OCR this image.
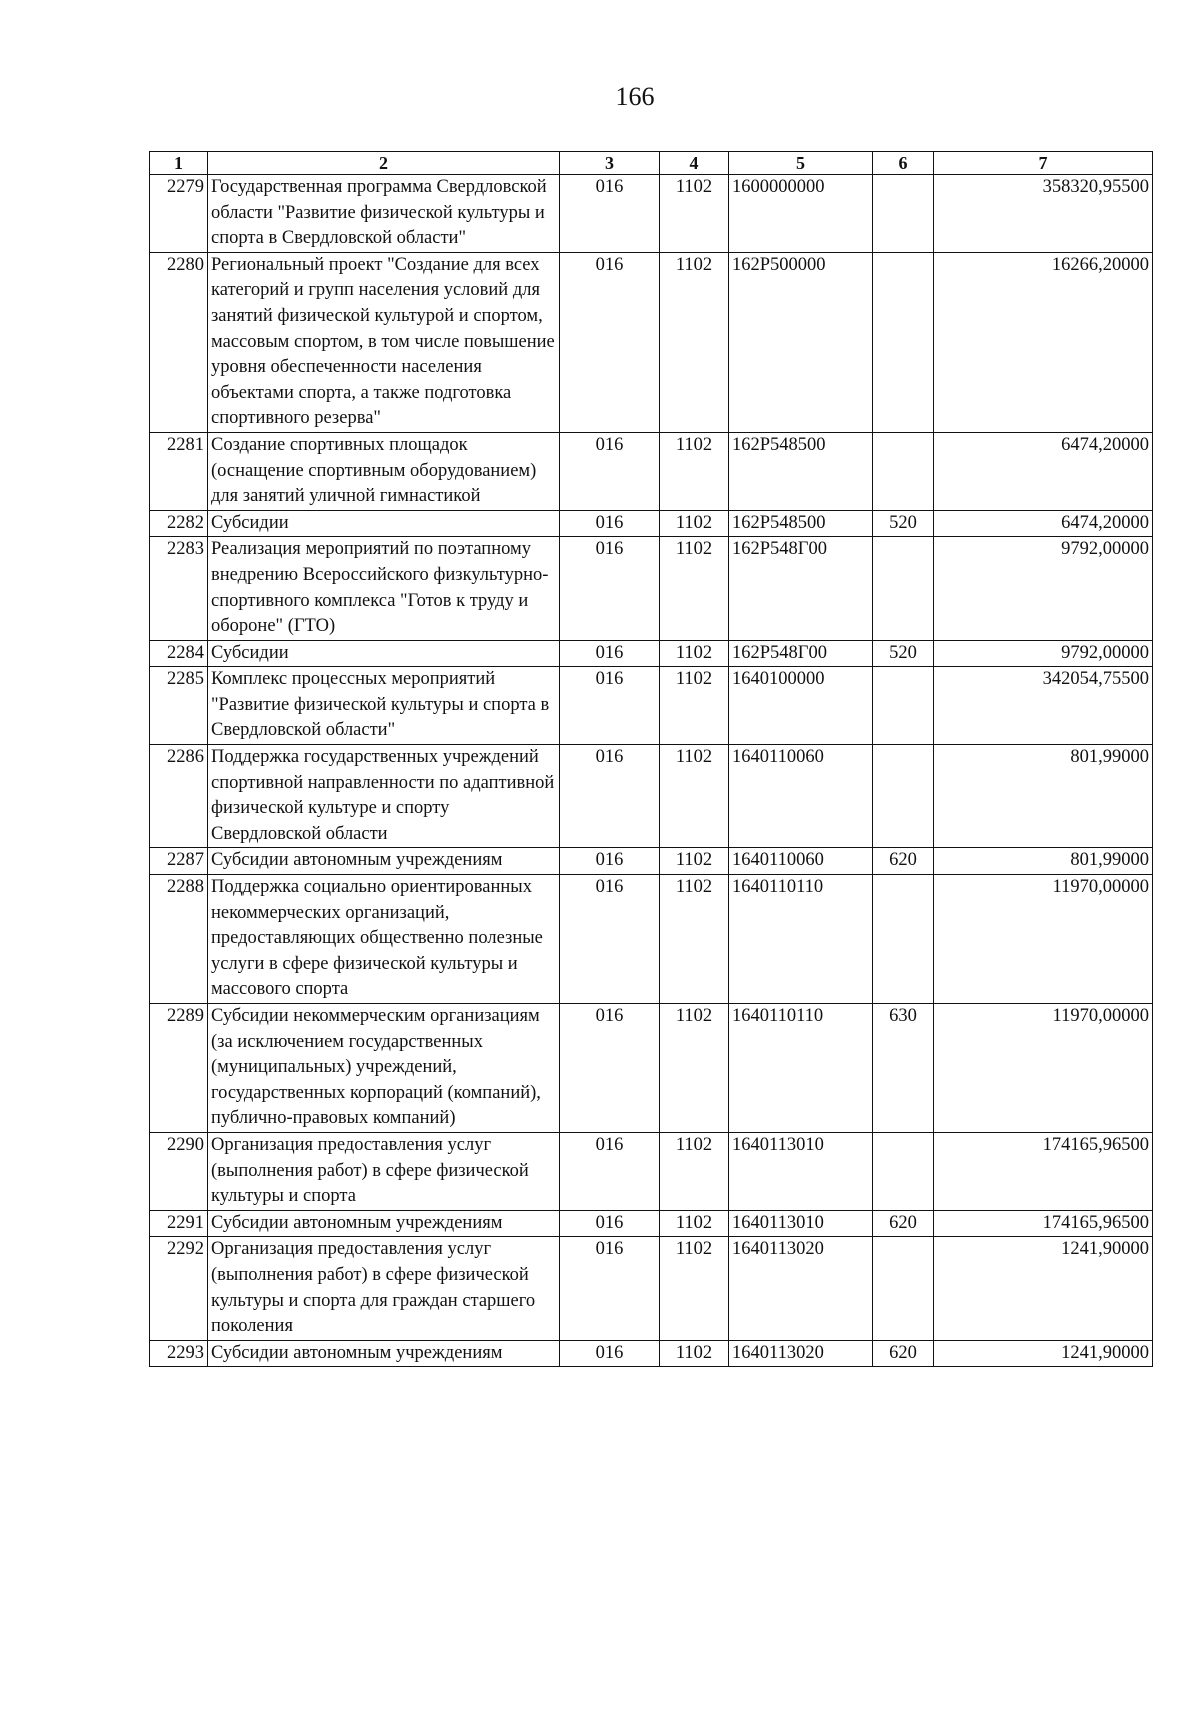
166
1	2	3	4	5	6	7
2279	Государственная программа Свердловской области "Развитие физической культуры и спорта в Свердловской области"	016	1102	1600000000		358320,95500
2280	Региональный проект "Создание для всех категорий и групп населения условий для занятий физической культурой и спортом, массовым спортом, в том числе повышение уровня обеспеченности населения объектами спорта, а также подготовка спортивного резерва"	016	1102	162P500000		16266,20000
2281	Создание спортивных площадок (оснащение спортивным оборудованием) для занятий уличной гимнастикой	016	1102	162P548500		6474,20000
2282	Субсидии	016	1102	162P548500	520	6474,20000
2283	Реализация мероприятий по поэтапному внедрению Всероссийского физкультурно-спортивного комплекса "Готов к труду и обороне" (ГТО)	016	1102	162P548Г00		9792,00000
2284	Субсидии	016	1102	162P548Г00	520	9792,00000
2285	Комплекс процессных мероприятий "Развитие физической культуры и спорта в Свердловской области"	016	1102	1640100000		342054,75500
2286	Поддержка государственных учреждений спортивной направленности по адаптивной физической культуре и спорту Свердловской области	016	1102	1640110060		801,99000
2287	Субсидии автономным учреждениям	016	1102	1640110060	620	801,99000
2288	Поддержка социально ориентированных некоммерческих организаций, предоставляющих общественно полезные услуги в сфере физической культуры и массового спорта	016	1102	1640110110		11970,00000
2289	Субсидии некоммерческим организациям (за исключением государственных (муниципальных) учреждений, государственных корпораций (компаний), публично-правовых компаний)	016	1102	1640110110	630	11970,00000
2290	Организация предоставления услуг (выполнения работ) в сфере физической культуры и спорта	016	1102	1640113010		174165,96500
2291	Субсидии автономным учреждениям	016	1102	1640113010	620	174165,96500
2292	Организация предоставления услуг (выполнения работ) в сфере физической культуры и спорта для граждан старшего поколения	016	1102	1640113020		1241,90000
2293	Субсидии автономным учреждениям	016	1102	1640113020	620	1241,90000
